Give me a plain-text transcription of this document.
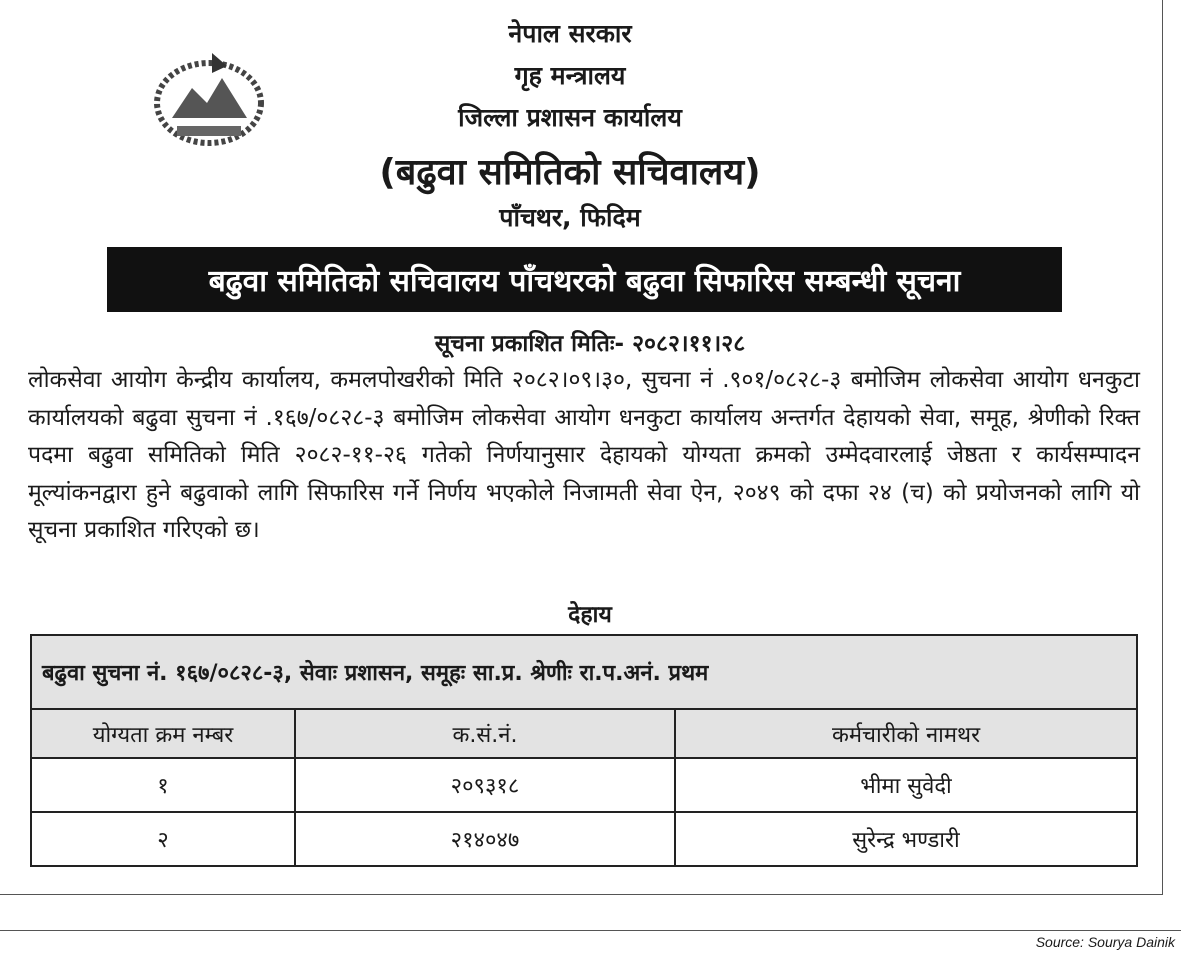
नेपाल सरकार
गृह मन्त्रालय
जिल्ला प्रशासन कार्यालय
(बढुवा समितिको सचिवालय)
पाँचथर, फिदिम
बढुवा समितिको सचिवालय पाँचथरको बढुवा सिफारिस सम्बन्धी सूचना
सूचना प्रकाशित मितिः- २०८२।११।२८
लोकसेवा आयोग केन्द्रीय कार्यालय, कमलपोखरीको मिति २०८२।०९।३०, सुचना नं .९०१/०८२८-३ बमोजिम लोकसेवा आयोग धनकुटा कार्यालयको बढुवा सुचना नं .१६७/०८२८-३ बमोजिम लोकसेवा आयोग धनकुटा कार्यालय अन्तर्गत देहायको सेवा, समूह, श्रेणीको रिक्त पदमा बढुवा समितिको मिति २०८२-११-२६ गतेको निर्णयानुसार देहायको योग्यता क्रमको उम्मेदवारलाई जेष्ठता र कार्यसम्पादन मूल्यांकनद्वारा हुने बढुवाको लागि सिफारिस गर्ने निर्णय भएकोले निजामती सेवा ऐन, २०४९ को दफा २४ (च) को प्रयोजनको लागि यो सूचना प्रकाशित गरिएको छ।
देहाय
बढुवा सुचना नं. १६७/०८२८-३, सेवाः प्रशासन, समूहः सा.प्र. श्रेणीः रा.प.अनं. प्रथम		
योग्यता क्रम नम्बर	क.सं.नं.	कर्मचारीको नामथर
१	२०९३१८	भीमा सुवेदी
२	२१४०४७	सुरेन्द्र भण्डारी
Source: Sourya Dainik
